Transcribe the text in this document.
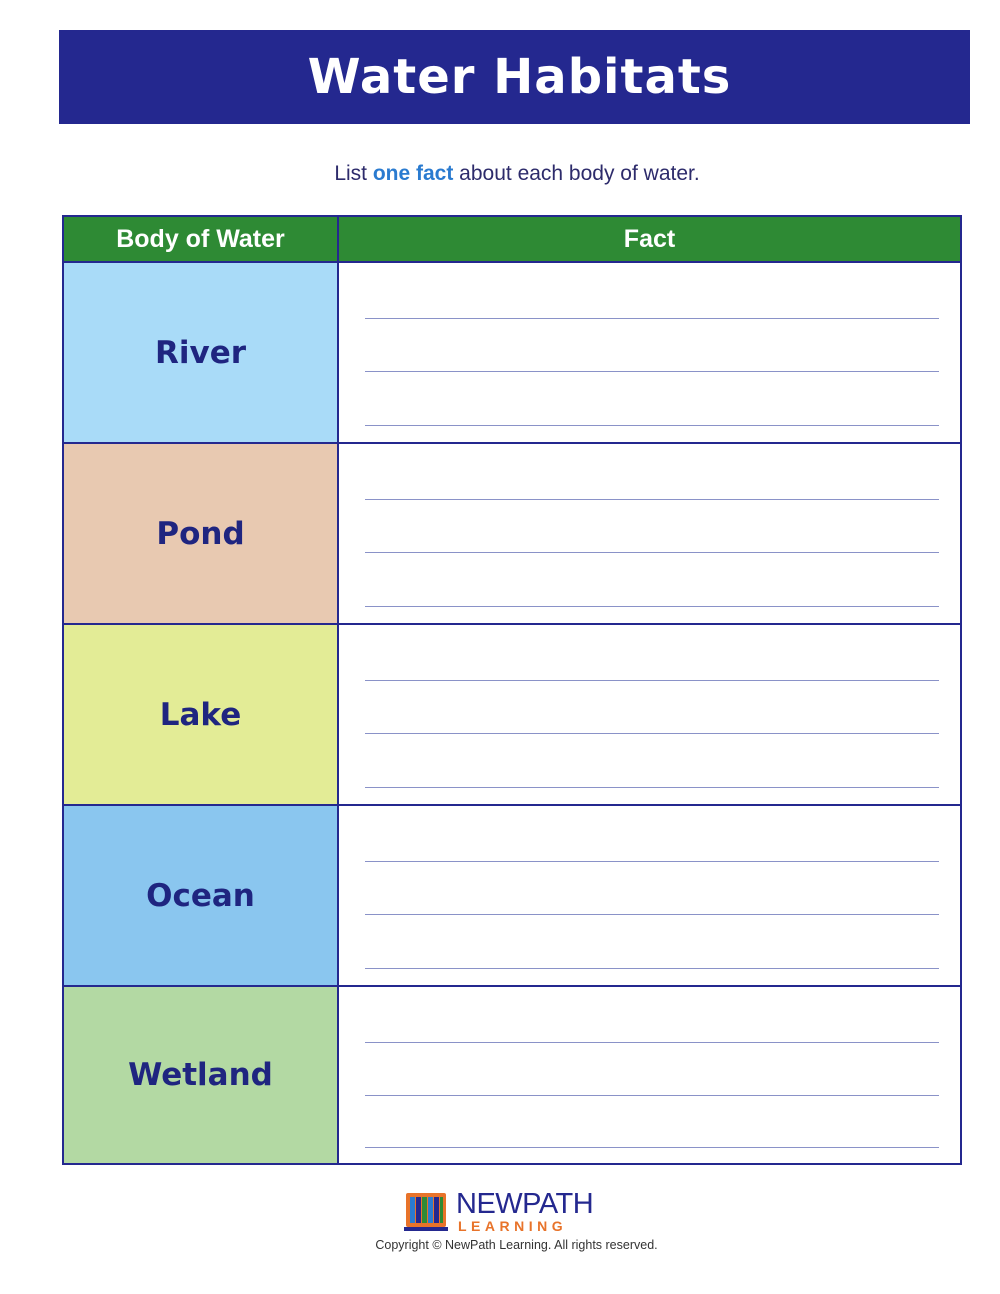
Water Habitats
List one fact about each body of water.
Body of Water	Fact
River
Pond
Lake
Ocean
Wetland
NEWPATH
LEARNING
Copyright © NewPath Learning. All rights reserved.
